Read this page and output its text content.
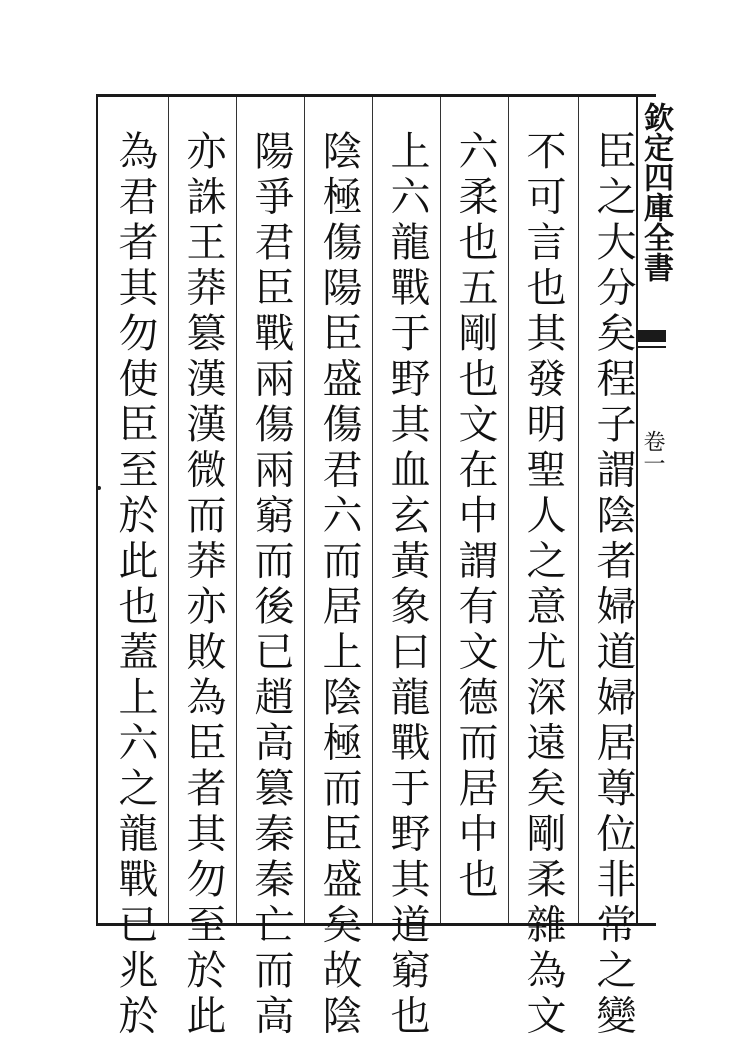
欽定四庫全書
卷一
臣之大分矣程子謂陰者婦道婦居尊位非常之變
不可言也其發明聖人之意尤深遠矣剛柔雜為文
六柔也五剛也文在中謂有文德而居中也
上六龍戰于野其血玄黃象曰龍戰于野其道窮也
陰極傷陽臣盛傷君六而居上陰極而臣盛矣故陰
陽爭君臣戰兩傷兩窮而後已趙高篡秦秦亡而高
亦誅王莽篡漢漢微而莽亦敗為臣者其勿至於此
為君者其勿使臣至於此也蓋上六之龍戰已兆於
